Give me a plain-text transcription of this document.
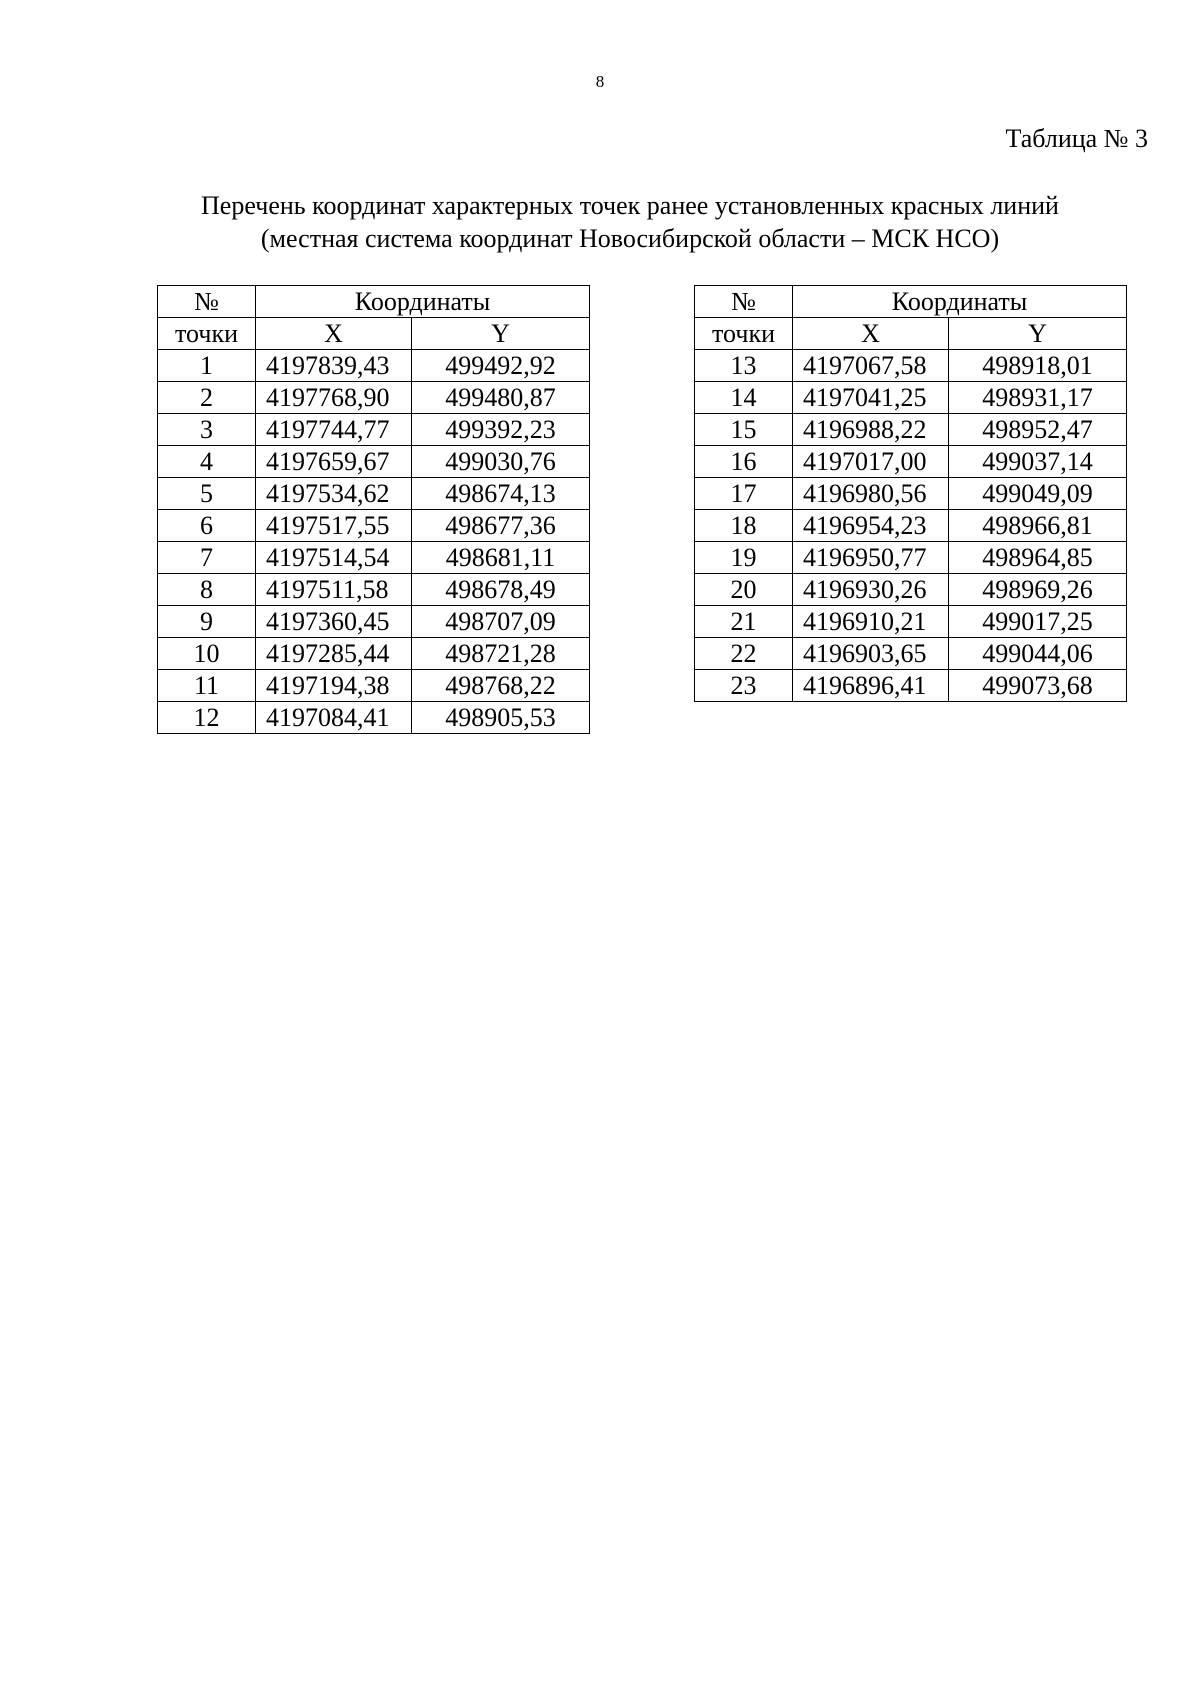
8
Таблица № 3
Перечень координат характерных точек ранее установленных красных линий
(местная система координат Новосибирской области – МСК НСО)
№	Координаты	
точки	X	Y
1	4197839,43	499492,92
2	4197768,90	499480,87
3	4197744,77	499392,23
4	4197659,67	499030,76
5	4197534,62	498674,13
6	4197517,55	498677,36
7	4197514,54	498681,11
8	4197511,58	498678,49
9	4197360,45	498707,09
10	4197285,44	498721,28
11	4197194,38	498768,22
12	4197084,41	498905,53
№	Координаты	
точки	X	Y
13	4197067,58	498918,01
14	4197041,25	498931,17
15	4196988,22	498952,47
16	4197017,00	499037,14
17	4196980,56	499049,09
18	4196954,23	498966,81
19	4196950,77	498964,85
20	4196930,26	498969,26
21	4196910,21	499017,25
22	4196903,65	499044,06
23	4196896,41	499073,68
